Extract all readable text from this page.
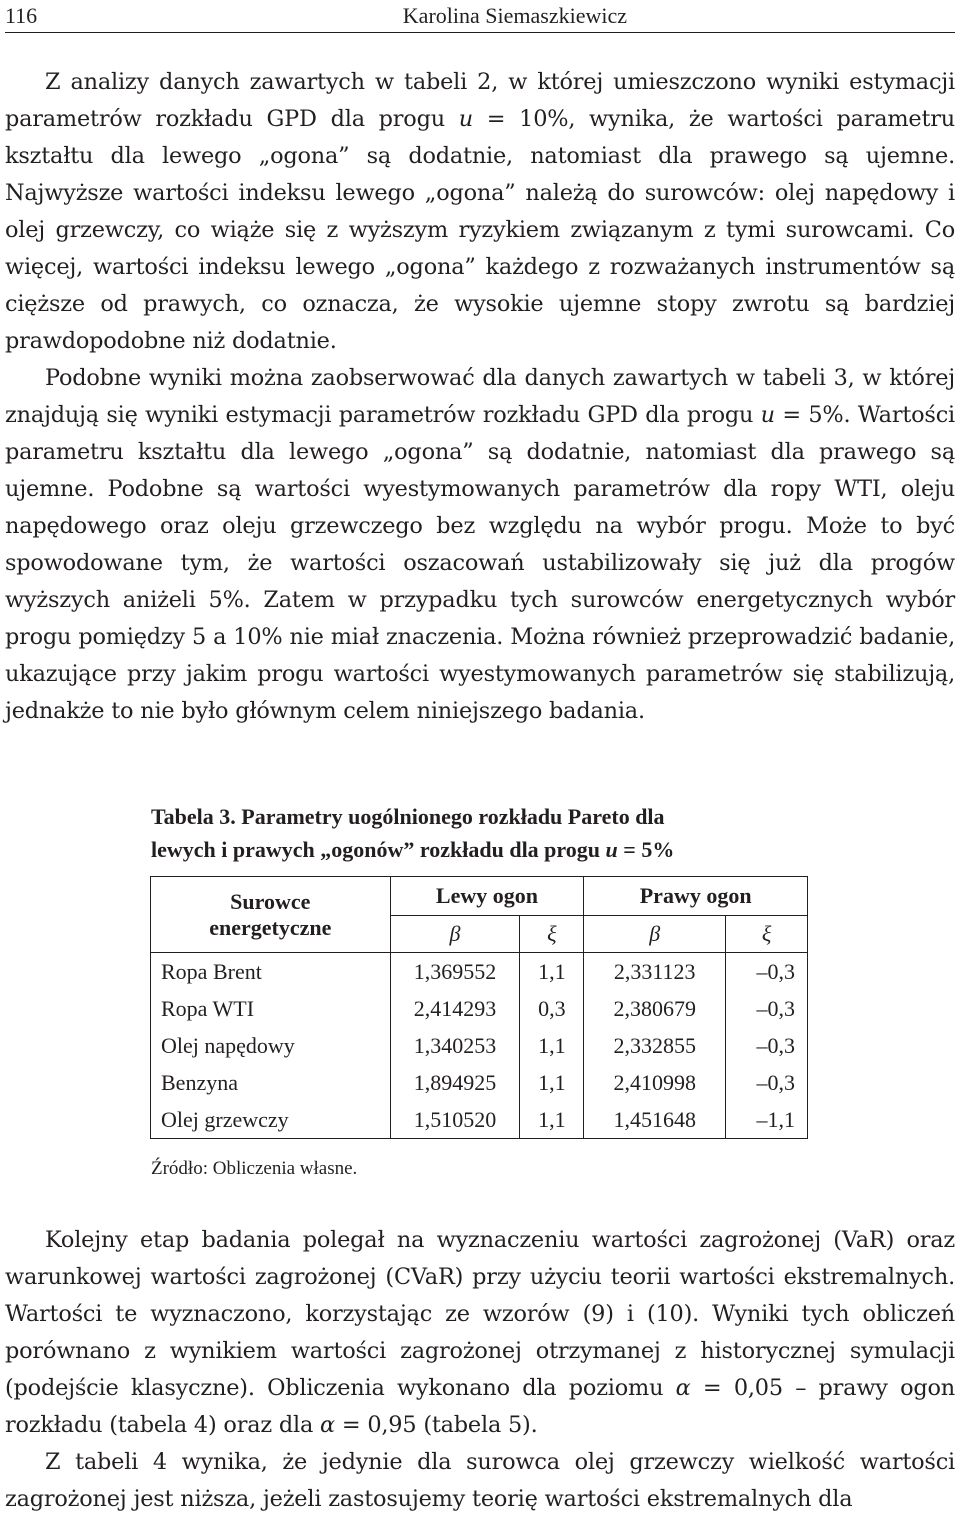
116	Karolina Siemaszkiewicz

Z analizy danych zawartych w tabeli 2, w której umieszczono wyniki estymacji parametrów rozkładu GPD dla progu u = 10%, wynika, że wartości parametru kształtu dla lewego „ogona” są dodatnie, natomiast dla prawego są ujemne. Najwyższe wartości indeksu lewego „ogona” należą do surowców: olej napędowy i olej grzewczy, co wiąże się z wyższym ryzykiem związanym z tymi surowcami. Co więcej, wartości indeksu lewego „ogona” każdego z rozważanych instrumentów są cięższe od prawych, co oznacza, że wysokie ujemne stopy zwrotu są bardziej prawdopodobne niż dodatnie.

Podobne wyniki można zaobserwować dla danych zawartych w tabeli 3, w której znajdują się wyniki estymacji parametrów rozkładu GPD dla progu u = 5%. Wartości parametru kształtu dla lewego „ogona” są dodatnie, natomiast dla prawego są ujemne. Podobne są wartości wyestymowanych parametrów dla ropy WTI, oleju napędowego oraz oleju grzewczego bez względu na wybór progu. Może to być spowodowane tym, że wartości oszacowań ustabilizowały się już dla progów wyższych aniżeli 5%. Zatem w przypadku tych surowców energetycznych wybór progu pomiędzy 5 a 10% nie miał znaczenia. Można również przeprowadzić badanie, ukazujące przy jakim progu wartości wyestymowanych parametrów się stabilizują, jednakże to nie było głównym celem niniejszego badania.

Tabela 3. Parametry uogólnionego rozkładu Pareto dla
lewych i prawych „ogonów” rozkładu dla progu u = 5%
Surowce
energetyczne	Lewy ogon		Prawy ogon	
	β	ξ	β	ξ
Ropa Brent	1,369552	1,1	2,331123	–0,3
Ropa WTI	2,414293	0,3	2,380679	–0,3
Olej napędowy	1,340253	1,1	2,332855	–0,3
Benzyna	1,894925	1,1	2,410998	–0,3
Olej grzewczy	1,510520	1,1	1,451648	–1,1
Źródło: Obliczenia własne.

Kolejny etap badania polegał na wyznaczeniu wartości zagrożonej (VaR) oraz warunkowej wartości zagrożonej (CVaR) przy użyciu teorii wartości ekstremalnych. Wartości te wyznaczono, korzystając ze wzorów (9) i (10). Wyniki tych obliczeń porównano z wynikiem wartości zagrożonej otrzymanej z historycznej symulacji (podejście klasyczne). Obliczenia wykonano dla poziomu α = 0,05 – prawy ogon rozkładu (tabela 4) oraz dla α = 0,95 (tabela 5).

Z tabeli 4 wynika, że jedynie dla surowca olej grzewczy wielkość wartości zagrożonej jest niższa, jeżeli zastosujemy teorię wartości ekstremalnych dla
